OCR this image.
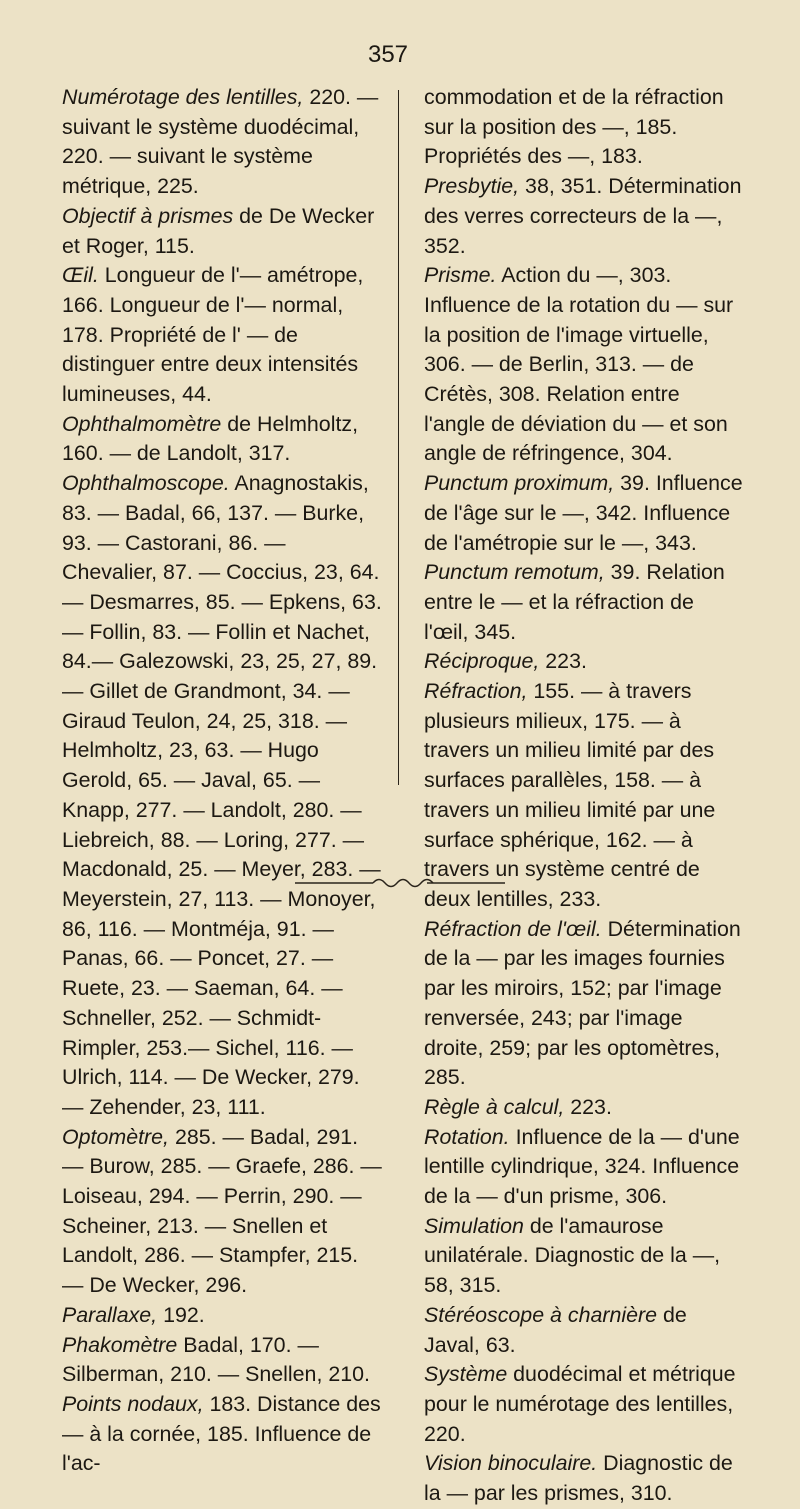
357

Numérotage des lentilles, 220. — suivant le système duodécimal, 220. — suivant le système métrique, 225.

Objectif à prismes de De Wecker et Roger, 115.

Œil. Longueur de l'— amétrope, 166. Longueur de l'— normal, 178. Propriété de l' — de distinguer entre deux intensités lumineuses, 44.

Ophthalmomètre de Helmholtz, 160. — de Landolt, 317.

Ophthalmoscope. Anagnostakis, 83. — Badal, 66, 137. — Burke, 93. — Castorani, 86. — Chevalier, 87. — Coccius, 23, 64. — Desmarres, 85. — Epkens, 63. — Follin, 83. — Follin et Nachet, 84.— Galezowski, 23, 25, 27, 89. — Gillet de Grandmont, 34. — Giraud Teulon, 24, 25, 318. — Helmholtz, 23, 63. — Hugo Gerold, 65. — Javal, 65. — Knapp, 277. — Landolt, 280. — Liebreich, 88. — Loring, 277. — Macdonald, 25. — Meyer, 283. — Meyerstein, 27, 113. — Monoyer, 86, 116. — Montméja, 91. — Panas, 66. — Poncet, 27. — Ruete, 23. — Saeman, 64. — Schneller, 252. — Schmidt-Rimpler, 253.— Sichel, 116. — Ulrich, 114. — De Wecker, 279. — Zehender, 23, 111.

Optomètre, 285. — Badal, 291. — Burow, 285. — Graefe, 286. — Loiseau, 294. — Perrin, 290. — Scheiner, 213. — Snellen et Landolt, 286. — Stampfer, 215. — De Wecker, 296.

Parallaxe, 192.

Phakomètre Badal, 170. — Silberman, 210. — Snellen, 210.

Points nodaux, 183. Distance des — à la cornée, 185. Influence de l'ac-

commodation et de la réfraction sur la position des —, 185. Propriétés des —, 183.

Presbytie, 38, 351. Détermination des verres correcteurs de la —, 352.

Prisme. Action du —, 303. Influence de la rotation du — sur la position de l'image virtuelle, 306. — de Berlin, 313. — de Crétès, 308. Relation entre l'angle de déviation du — et son angle de réfringence, 304.

Punctum proximum, 39. Influence de l'âge sur le —, 342. Influence de l'amétropie sur le —, 343.

Punctum remotum, 39. Relation entre le — et la réfraction de l'œil, 345.

Réciproque, 223.

Réfraction, 155. — à travers plusieurs milieux, 175. — à travers un milieu limité par des surfaces parallèles, 158. — à travers un milieu limité par une surface sphérique, 162. — à travers un système centré de deux lentilles, 233.

Réfraction de l'œil. Détermination de la — par les images fournies par les miroirs, 152; par l'image renversée, 243; par l'image droite, 259; par les optomètres, 285.

Règle à calcul, 223.

Rotation. Influence de la — d'une lentille cylindrique, 324. Influence de la — d'un prisme, 306.

Simulation de l'amaurose unilatérale. Diagnostic de la —, 58, 315.

Stéréoscope à charnière de Javal, 63.

Système duodécimal et métrique pour le numérotage des lentilles, 220.

Vision binoculaire. Diagnostic de la — par les prismes, 310.
